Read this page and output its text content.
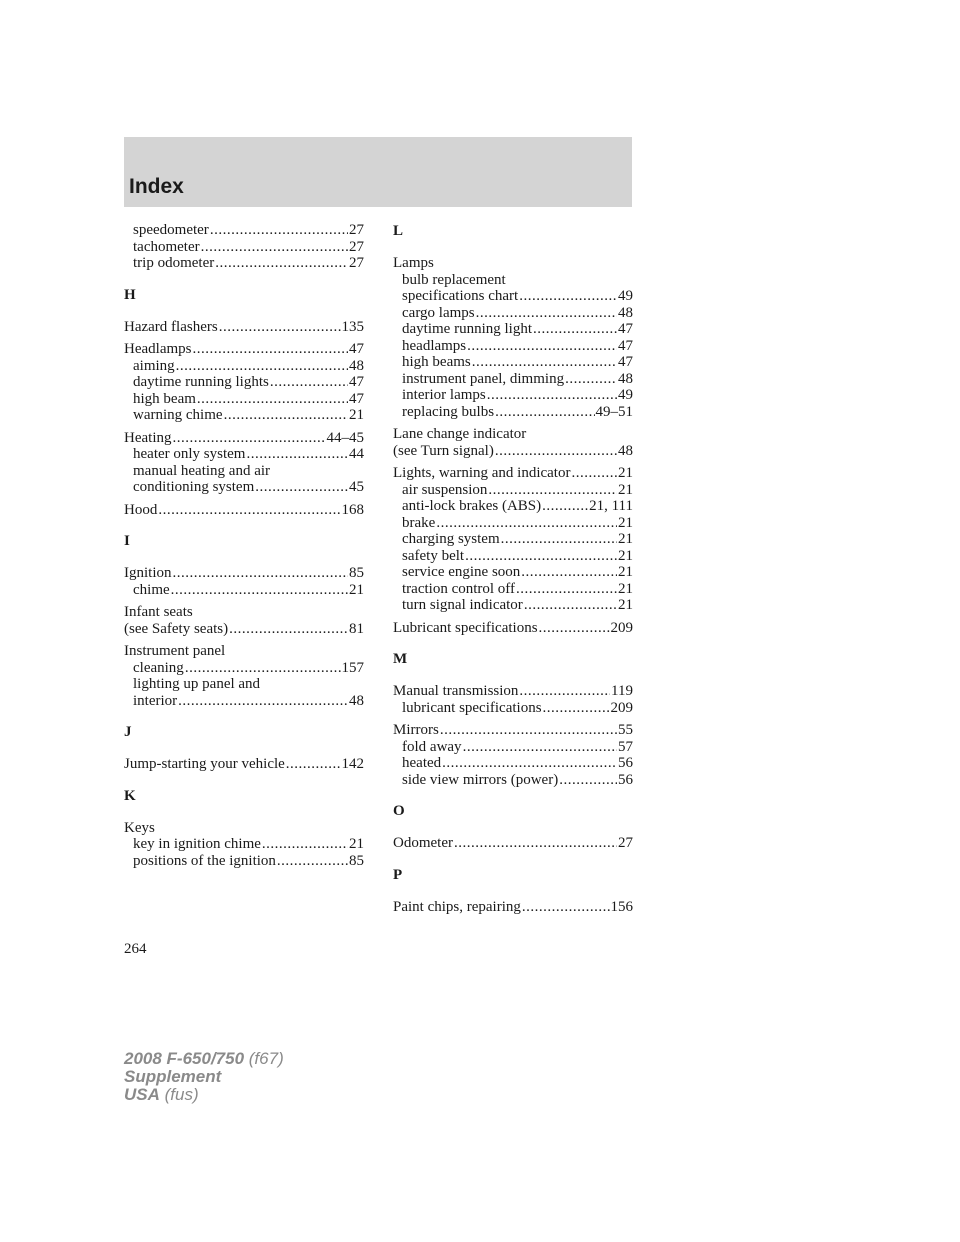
Index
speedometer .....	27
tachometer .....	27
trip odometer .....	27
H
Hazard flashers .....	135
Headlamps .....	47
aiming .....	48
daytime running lights .....	47
high beam .....	47
warning chime .....	21
Heating .....	44–45
heater only system .....	44
manual heating and air
conditioning system .....	45
Hood .....	168
I
Ignition .....	85
chime .....	21
Infant seats
(see Safety seats) .....	81
Instrument panel
cleaning .....	157
lighting up panel and
interior .....	48
J
Jump-starting your vehicle .....	142
K
Keys
key in ignition chime .....	21
positions of the ignition .....	85
L
Lamps
bulb replacement
specifications chart .....	49
cargo lamps .....	48
daytime running light .....	47
headlamps .....	47
high beams .....	47
instrument panel, dimming .....	48
interior lamps .....	49
replacing bulbs .....	49–51
Lane change indicator
(see Turn signal) .....	48
Lights, warning and indicator .....	21
air suspension .....	21
anti-lock brakes (ABS) .....	21, 111
brake .....	21
charging system .....	21
safety belt .....	21
service engine soon .....	21
traction control off .....	21
turn signal indicator .....	21
Lubricant specifications .....	209
M
Manual transmission .....	119
lubricant specifications .....	209
Mirrors .....	55
fold away .....	57
heated .....	56
side view mirrors (power) .....	56
O
Odometer .....	27
P
Paint chips, repairing .....	156
264
2008 F-650/750 (f67)
Supplement
USA (fus)
